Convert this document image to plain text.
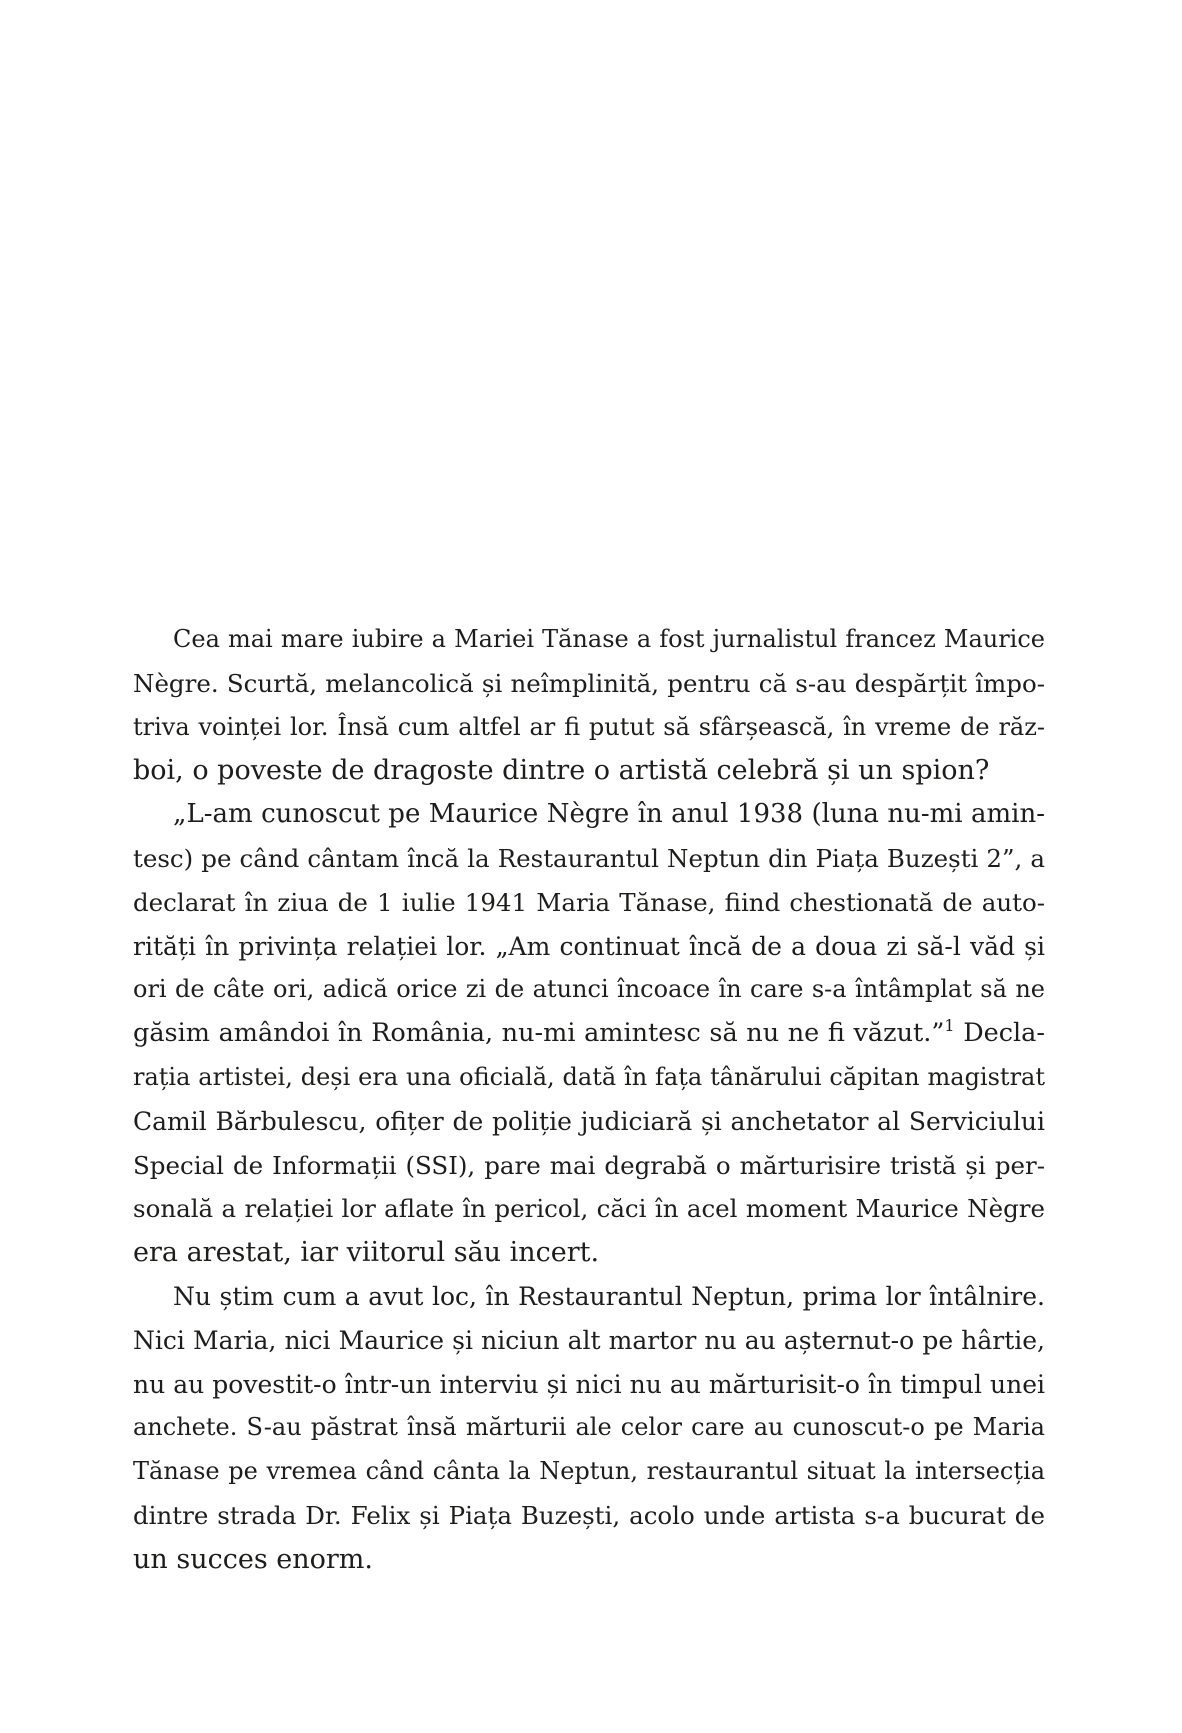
Cea mai mare iubire a Mariei Tănase a fost jurnalistul francez Maurice
Nègre. Scurtă, melancolică și neîmplinită, pentru că s-au despărțit împo-
triva voinței lor. Însă cum altfel ar fi putut să sfârșească, în vreme de răz-
boi, o poveste de dragoste dintre o artistă celebră și un spion?
„L-am cunoscut pe Maurice Nègre în anul 1938 (luna nu-mi amin-
tesc) pe când cântam încă la Restaurantul Neptun din Piața Buzești 2”, a
declarat în ziua de 1 iulie 1941 Maria Tănase, fiind chestionată de auto-
rități în privința relației lor. „Am continuat încă de a doua zi să-l văd și
ori de câte ori, adică orice zi de atunci încoace în care s-a întâmplat să ne
găsim amândoi în România, nu-mi amintesc să nu ne fi văzut.”$^1$ Decla-
rația artistei, deși era una oficială, dată în fața tânărului căpitan magistrat
Camil Bărbulescu, ofițer de poliție judiciară și anchetator al Serviciului
Special de Informații (SSI), pare mai degrabă o mărturisire tristă și per-
sonală a relației lor aflate în pericol, căci în acel moment Maurice Nègre
era arestat, iar viitorul său incert.
Nu știm cum a avut loc, în Restaurantul Neptun, prima lor întâlnire.
Nici Maria, nici Maurice și niciun alt martor nu au așternut-o pe hârtie,
nu au povestit-o într-un interviu și nici nu au mărturisit-o în timpul unei
anchete. S-au păstrat însă mărturii ale celor care au cunoscut-o pe Maria
Tănase pe vremea când cânta la Neptun, restaurantul situat la intersecția
dintre strada Dr. Felix și Piața Buzești, acolo unde artista s-a bucurat de
un succes enorm.
